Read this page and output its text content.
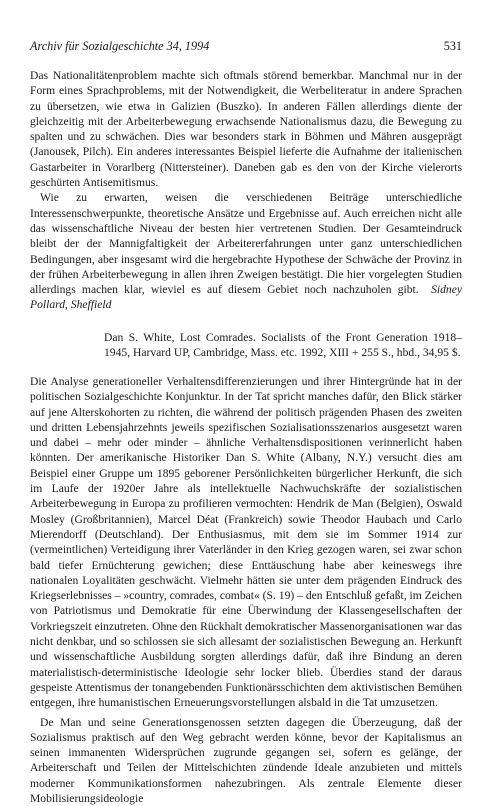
Archiv für Sozialgeschichte 34, 1994	531

Das Nationalitätenproblem machte sich oftmals störend bemerkbar. Manchmal nur in der Form eines Sprachproblems, mit der Notwendigkeit, die Werbeliteratur in andere Sprachen zu übersetzen, wie etwa in Galizien (Buszko). In anderen Fällen allerdings diente der gleichzeitig mit der Arbeiterbewegung erwachsende Nationalismus dazu, die Bewegung zu spalten und zu schwächen. Dies war besonders stark in Böhmen und Mähren ausgeprägt (Janousek, Pilch). Ein anderes interessantes Beispiel lieferte die Aufnahme der italienischen Gastarbeiter in Vorarlberg (Nittersteiner). Daneben gab es den von der Kirche vielerorts geschürten Antisemitismus.

Wie zu erwarten, weisen die verschiedenen Beiträge unterschiedliche Interessenschwerpunkte, theoretische Ansätze und Ergebnisse auf. Auch erreichen nicht alle das wissenschaftliche Niveau der besten hier vertretenen Studien. Der Gesamteindruck bleibt der der Mannigfaltigkeit der Arbeitererfahrungen unter ganz unterschiedlichen Bedingungen, aber insgesamt wird die hergebrachte Hypothese der Schwäche der Provinz in der frühen Arbeiterbewegung in allen ihren Zweigen bestätigt. Die hier vorgelegten Studien allerdings machen klar, wieviel es auf diesem Gebiet noch nachzuholen gibt. Sidney Pollard, Sheffield

Dan S. White, Lost Comrades. Socialists of the Front Generation 1918–1945, Harvard UP, Cambridge, Mass. etc. 1992, XIII + 255 S., hbd., 34,95 $.

Die Analyse generationeller Verhaltensdifferenzierungen und ihrer Hintergründe hat in der politischen Sozialgeschichte Konjunktur. In der Tat spricht manches dafür, den Blick stärker auf jene Alterskohorten zu richten, die während der politisch prägenden Phasen des zweiten und dritten Lebensjahrzehnts jeweils spezifischen Sozialisationsszenarios ausgesetzt waren und dabei – mehr oder minder – ähnliche Verhaltensdispositionen verinnerlicht haben könnten. Der amerikanische Historiker Dan S. White (Albany, N.Y.) versucht dies am Beispiel einer Gruppe um 1895 geborener Persönlichkeiten bürgerlicher Herkunft, die sich im Laufe der 1920er Jahre als intellektuelle Nachwuchskräfte der sozialistischen Arbeiterbewegung in Europa zu profilieren vermochten: Hendrik de Man (Belgien), Oswald Mosley (Großbritannien), Marcel Déat (Frankreich) sowie Theodor Haubach und Carlo Mierendorff (Deutschland). Der Enthusiasmus, mit dem sie im Sommer 1914 zur (vermeintlichen) Verteidigung ihrer Vaterländer in den Krieg gezogen waren, sei zwar schon bald tiefer Ernüchterung gewichen; diese Enttäuschung habe aber keineswegs ihre nationalen Loyalitäten geschwächt. Vielmehr hätten sie unter dem prägenden Eindruck des Kriegserlebnisses – »country, comrades, combat« (S. 19) – den Entschluß gefaßt, im Zeichen von Patriotismus und Demokratie für eine Überwindung der Klassengesellschaften der Vorkriegszeit einzutreten. Ohne den Rückhalt demokratischer Massenorganisationen war das nicht denkbar, und so schlossen sie sich allesamt der sozialistischen Bewegung an. Herkunft und wissenschaftliche Ausbildung sorgten allerdings dafür, daß ihre Bindung an deren materialistisch-deterministische Ideologie sehr locker blieb. Überdies stand der daraus gespeiste Attentismus der tonangebenden Funktionärsschichten dem aktivistischen Bemühen entgegen, ihre humanistischen Erneuerungsvorstellungen alsbald in die Tat umzusetzen.

De Man und seine Generationsgenossen setzten dagegen die Überzeugung, daß der Sozialismus praktisch auf den Weg gebracht werden könne, bevor der Kapitalismus an seinen immanenten Widersprüchen zugrunde gegangen sei, sofern es gelänge, der Arbeiterschaft und Teilen der Mittelschichten zündende Ideale anzubieten und mittels moderner Kommunikationsformen nahezubringen. Als zentrale Elemente dieser Mobilisierungsideologie
